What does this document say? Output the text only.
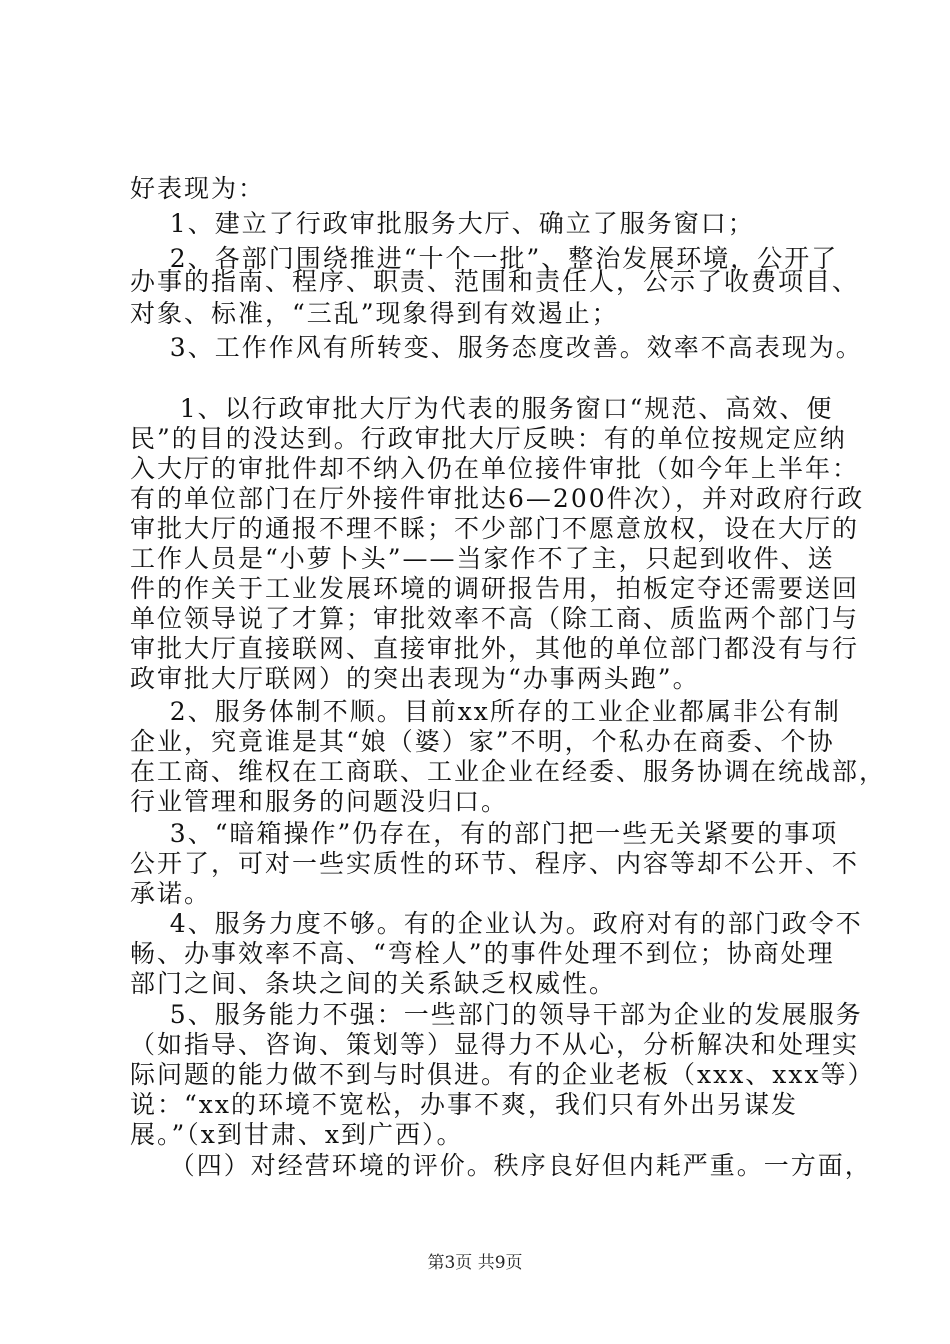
好表现为：
1、建立了行政审批服务大厅、确立了服务窗口；
2、各部门围绕推进“十个一批”、整治发展环境，公开了
办事的指南、程序、职责、范围和责任人，公示了收费项目、
对象、标准，“三乱”现象得到有效遏止；
3、工作作风有所转变、服务态度改善。效率不高表现为。
1、以行政审批大厅为代表的服务窗口“规范、高效、便
民”的目的没达到。行政审批大厅反映：有的单位按规定应纳
入大厅的审批件却不纳入仍在单位接件审批（如今年上半年：
有的单位部门在厅外接件审批达6—200件次），并对政府行政
审批大厅的通报不理不睬；不少部门不愿意放权，设在大厅的
工作人员是“小萝卜头”——当家作不了主，只起到收件、送
件的作关于工业发展环境的调研报告用，拍板定夺还需要送回
单位领导说了才算；审批效率不高（除工商、质监两个部门与
审批大厅直接联网、直接审批外，其他的单位部门都没有与行
政审批大厅联网）的突出表现为“办事两头跑”。
2、服务体制不顺。目前xx所存的工业企业都属非公有制
企业，究竟谁是其“娘（婆）家”不明，个私办在商委、个协
在工商、维权在工商联、工业企业在经委、服务协调在统战部，
行业管理和服务的问题没归口。
3、“暗箱操作”仍存在，有的部门把一些无关紧要的事项
公开了，可对一些实质性的环节、程序、内容等却不公开、不
承诺。
4、服务力度不够。有的企业认为。政府对有的部门政令不
畅、办事效率不高、“弯栓人”的事件处理不到位；协商处理
部门之间、条块之间的关系缺乏权威性。
5、服务能力不强：一些部门的领导干部为企业的发展服务
（如指导、咨询、策划等）显得力不从心，分析解决和处理实
际问题的能力做不到与时俱进。有的企业老板（xxx、xxx等）
说：“xx的环境不宽松，办事不爽，我们只有外出另谋发
展。”（x到甘肃、x到广西）。
（四）对经营环境的评价。秩序良好但内耗严重。一方面，
第3页 共9页
